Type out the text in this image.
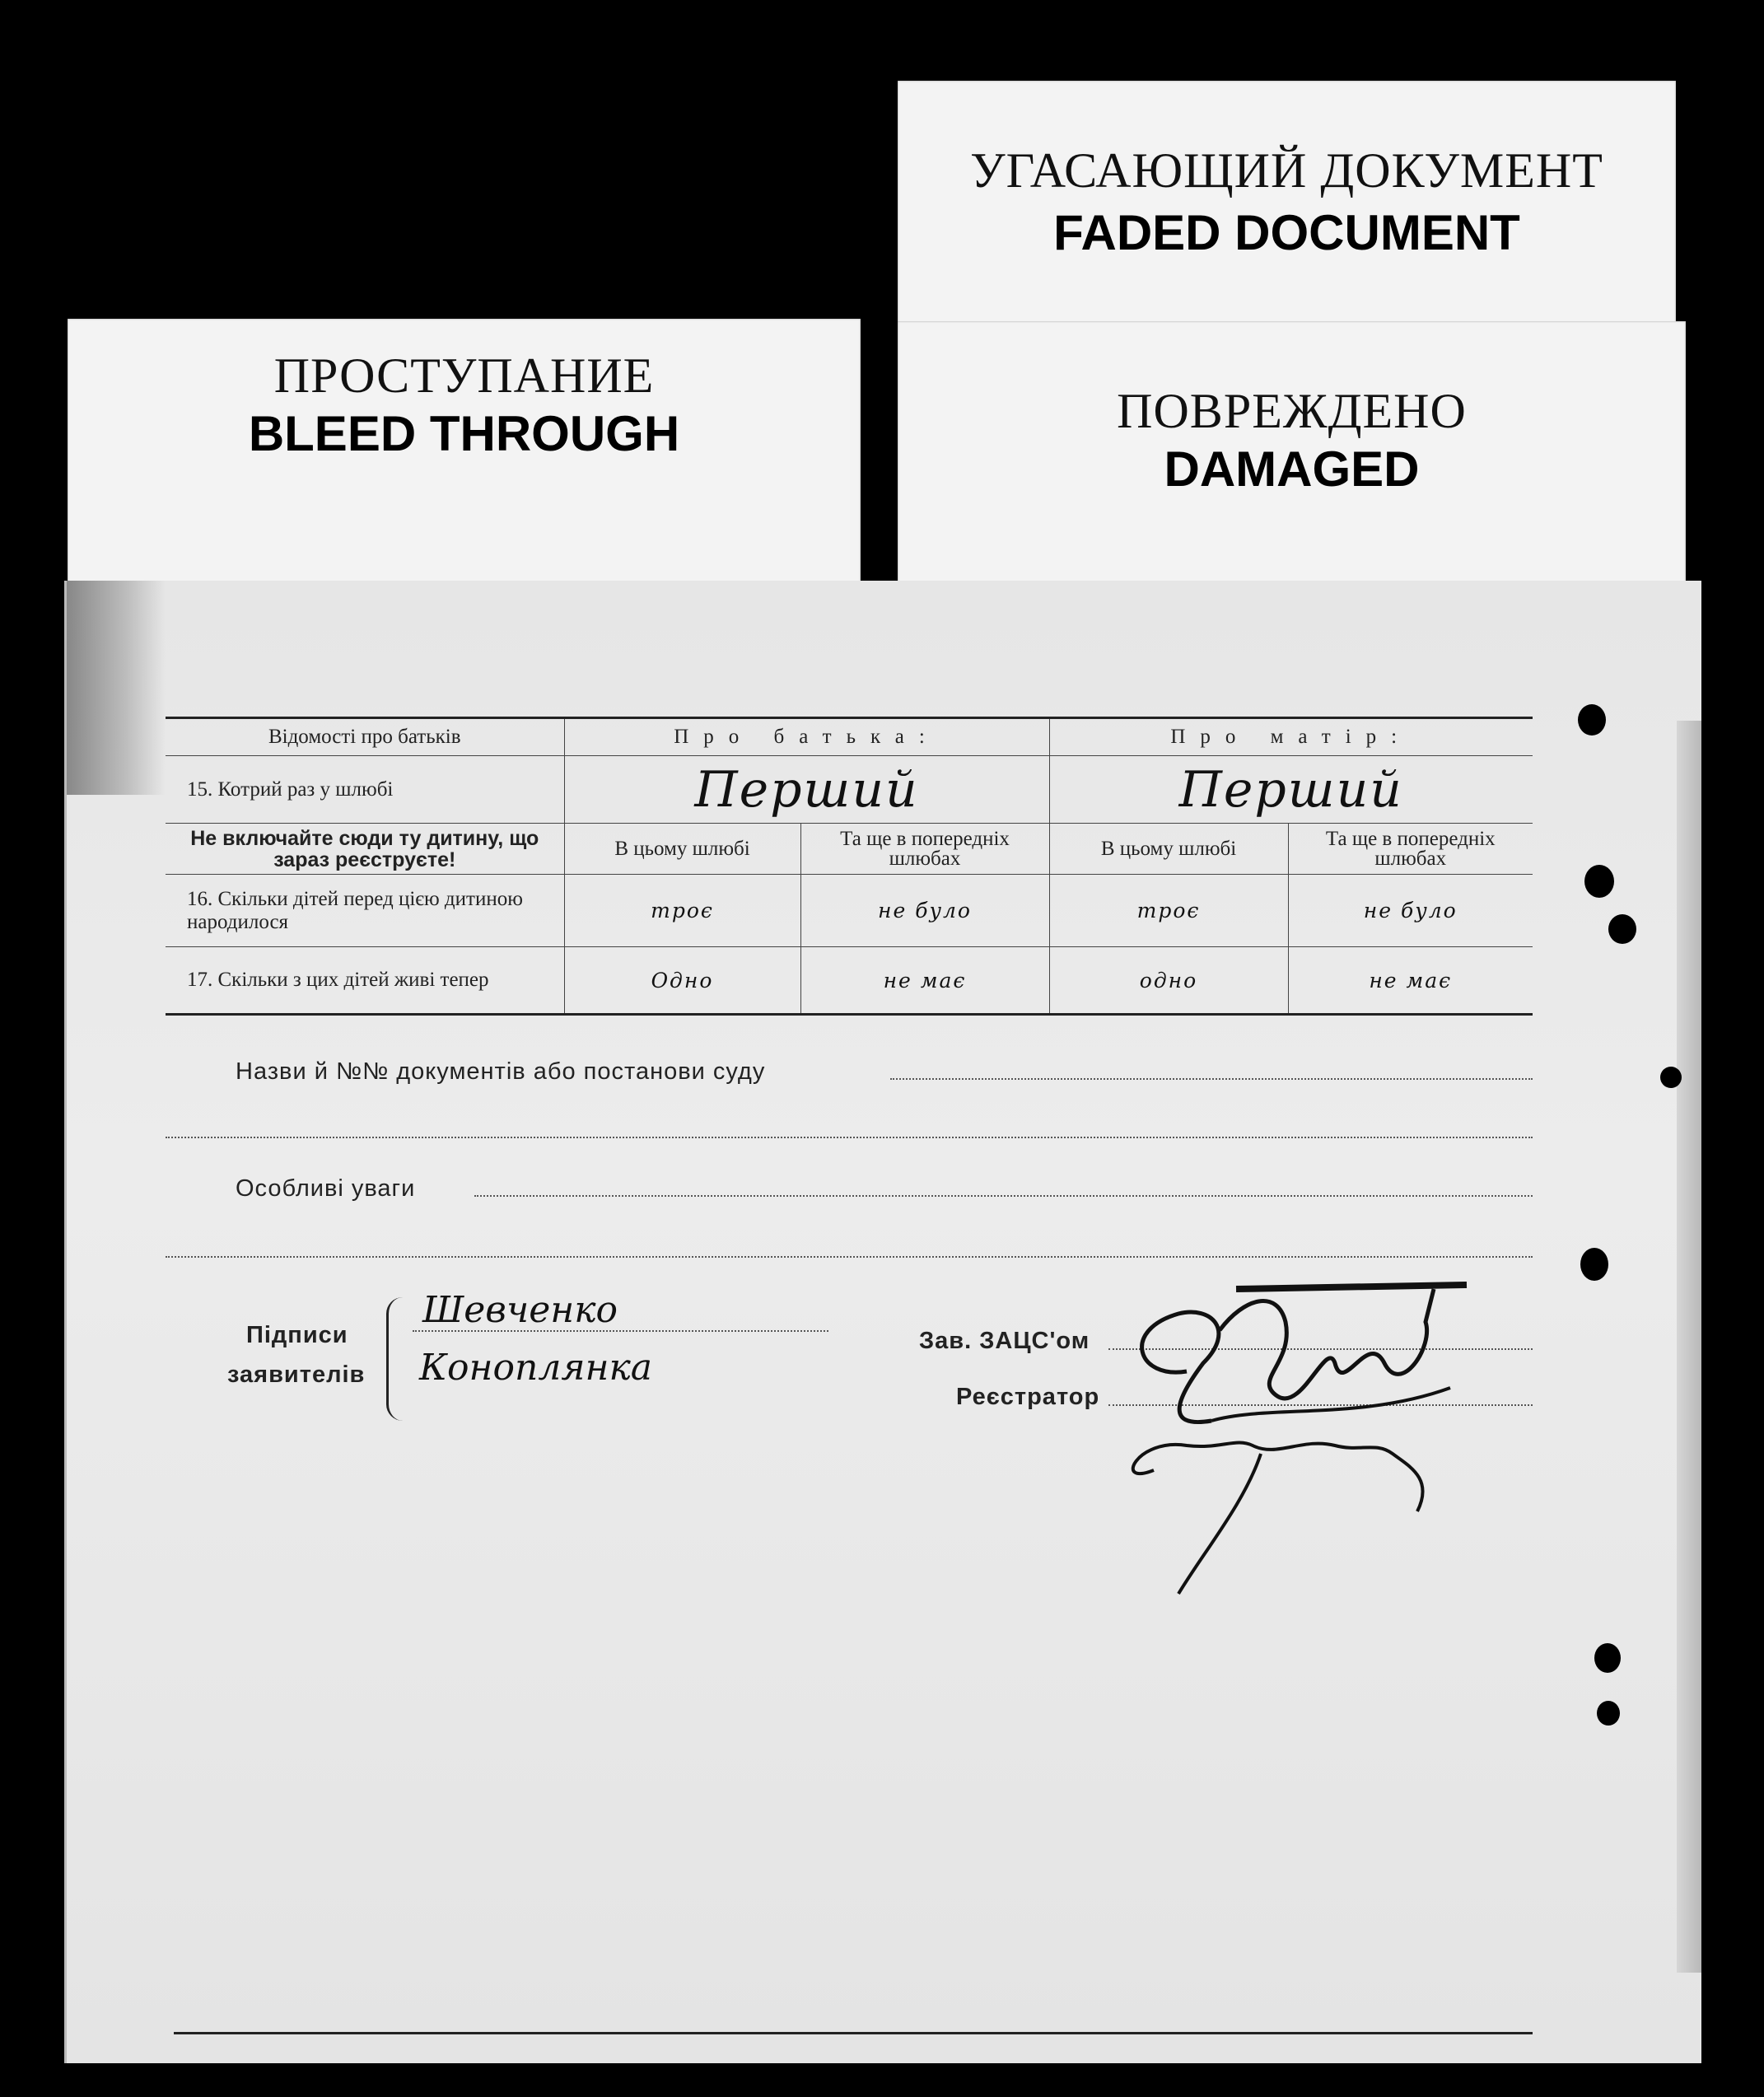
УГАСАЮЩИЙ ДОКУМЕНТ
FADED DOCUMENT
ПОВРЕЖДЕНО
DAMAGED
ПРОСТУПАНИЕ
BLEED THROUGH
Відомості про батьків	Про батька:		Про матір:	
15. Котрий раз у шлюбі	Перший		Перший	
Не включайте сюди ту дитину, що зараз реєструєте!	В цьому шлюбі	Та ще в попередніх шлюбах	В цьому шлюбі	Та ще в попередніх шлюбах
16. Скільки дітей перед цією дитиною народилося	троє	не було	троє	не було
17. Скільки з цих дітей живі тепер	Одно	не має	одно	не має
Назви й №№ документів або постанови суду
Особливі уваги
Підписи
заявителів
Шевченко
Коноплянка
Зав. ЗАЦС'ом
Реєстратор
